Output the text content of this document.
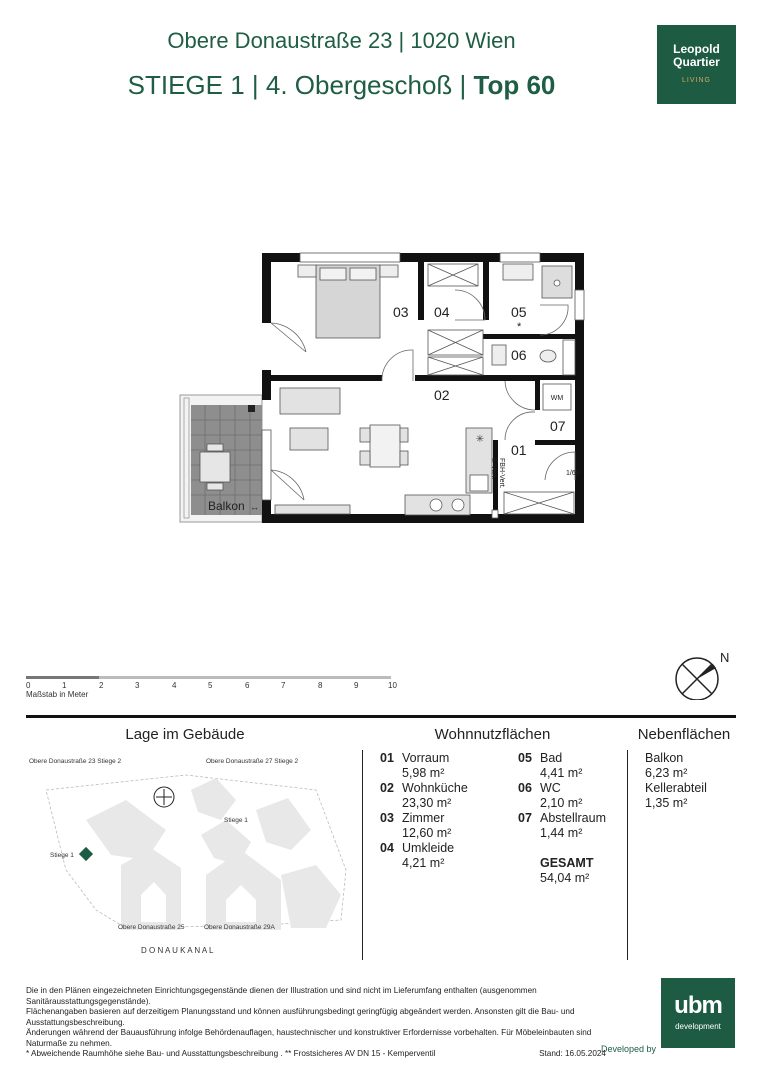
Obere Donaustraße 23 | 1020 Wien
STIEGE 1 | 4. Obergeschoß | Top 60
Leopold
Quartier
LIVING
✳
03 04	05
06
02
07
01
*
Balkon ↔
WM
1/60
FBH-Vert.
E-Vert.
0	1	2	3	4	5	6	7	8	9	10
Maßstab in Meter
N
Lage im Gebäude
Obere Donaustraße 23 Stiege 2	Obere Donaustraße 27 Stiege 2
Stiege 1
Stiege 1
Obere Donaustraße 25	Obere Donaustraße 29A
D O N A U K A N A L
Wohnnutzflächen
01 Vorraum
5,98 m²
02 Wohnküche
23,30 m²
03 Zimmer
12,60 m²
04 Umkleide
4,21 m²
05 Bad
4,41 m²
06 WC
2,10 m²
07 Abstellraum
1,44 m²
GESAMT
54,04 m²
Nebenflächen
Balkon
6,23 m²
Kellerabteil
1,35 m²
Die in den Plänen eingezeichneten Einrichtungsgegenstände dienen der Illustration und sind nicht im Lieferumfang enthalten (ausgenommen Sanitärausstattungsgegenstände).
Flächenangaben basieren auf derzeitigem Planungsstand und können ausführungsbedingt geringfügig abgeändert werden. Ansonsten gilt die Bau- und Ausstattungsbeschreibung.
Änderungen während der Bauausführung infolge Behördenauflagen, haustechnischer und konstruktiver Erfordernisse vorbehalten. Für Möbeleinbauten sind Naturmaße zu nehmen.
* Abweichende Raumhöhe siehe Bau- und Ausstattungsbeschreibung . ** Frostsicheres AV DN 15 - Kemperventil	Stand: 16.05.2024
ubm
development
Developed by
